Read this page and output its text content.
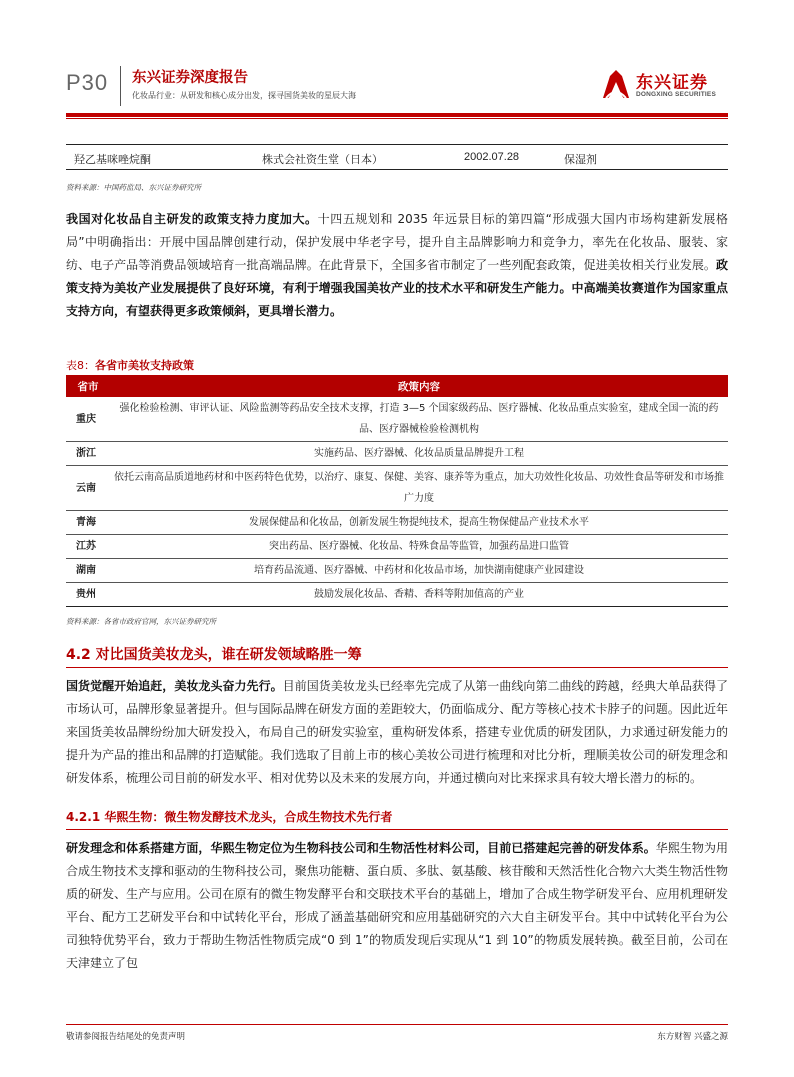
P30 东兴证券深度报告
化妆品行业：从研发和核心成分出发，探寻国货美妆的星辰大海
东兴证券
DONGXING SECURITIES
羟乙基咪唑烷酮	株式会社资生堂（日本）	2002.07.28	保湿剂
资料来源：中国药监局、东兴证券研究所
我国对化妆品自主研发的政策支持力度加大。十四五规划和 2035 年远景目标的第四篇“形成强大国内市场构建新发展格局”中明确指出：开展中国品牌创建行动，保护发展中华老字号，提升自主品牌影响力和竞争力，率先在化妆品、服装、家纺、电子产品等消费品领域培育一批高端品牌。在此背景下，全国多省市制定了一些列配套政策，促进美妆相关行业发展。政策支持为美妆产业发展提供了良好环境，有利于增强我国美妆产业的技术水平和研发生产能力。中高端美妆赛道作为国家重点支持方向，有望获得更多政策倾斜，更具增长潜力。
表8：各省市美妆支持政策
省市	政策内容
重庆	强化检验检测、审评认证、风险监测等药品安全技术支撑，打造 3—5 个国家级药品、医疗器械、化妆品重点实验室，建成全国一流的药品、医疗器械检验检测机构
浙江	实施药品、医疗器械、化妆品质量品牌提升工程
云南	依托云南高品质道地药材和中医药特色优势，以治疗、康复、保健、美容、康养等为重点，加大功效性化妆品、功效性食品等研发和市场推广力度
青海	发展保健品和化妆品，创新发展生物提纯技术，提高生物保健品产业技术水平
江苏	突出药品、医疗器械、化妆品、特殊食品等监管，加强药品进口监管
湖南	培育药品流通、医疗器械、中药材和化妆品市场，加快湖南健康产业园建设
贵州	鼓励发展化妆品、香精、香料等附加值高的产业
资料来源：各省市政府官网，东兴证券研究所
4.2 对比国货美妆龙头，谁在研发领域略胜一筹
国货觉醒开始追赶，美妆龙头奋力先行。目前国货美妆龙头已经率先完成了从第一曲线向第二曲线的跨越，经典大单品获得了市场认可，品牌形象显著提升。但与国际品牌在研发方面的差距较大，仍面临成分、配方等核心技术卡脖子的问题。因此近年来国货美妆品牌纷纷加大研发投入，布局自己的研发实验室，重构研发体系，搭建专业优质的研发团队，力求通过研发能力的提升为产品的推出和品牌的打造赋能。我们选取了目前上市的核心美妆公司进行梳理和对比分析，理顺美妆公司的研发理念和研发体系，梳理公司目前的研发水平、相对优势以及未来的发展方向，并通过横向对比来探求具有较大增长潜力的标的。
4.2.1 华熙生物：微生物发酵技术龙头，合成生物技术先行者
研发理念和体系搭建方面，华熙生物定位为生物科技公司和生物活性材料公司，目前已搭建起完善的研发体系。华熙生物为用合成生物技术支撑和驱动的生物科技公司，聚焦功能糖、蛋白质、多肽、氨基酸、核苷酸和天然活性化合物六大类生物活性物质的研发、生产与应用。公司在原有的微生物发酵平台和交联技术平台的基础上，增加了合成生物学研发平台、应用机理研发平台、配方工艺研发平台和中试转化平台，形成了涵盖基础研究和应用基础研究的六大自主研发平台。其中中试转化平台为公司独特优势平台，致力于帮助生物活性物质完成“0 到 1”的物质发现后实现从“1 到 10”的物质发展转换。截至目前，公司在天津建立了包
敬请参阅报告结尾处的免责声明	东方财智 兴盛之源
